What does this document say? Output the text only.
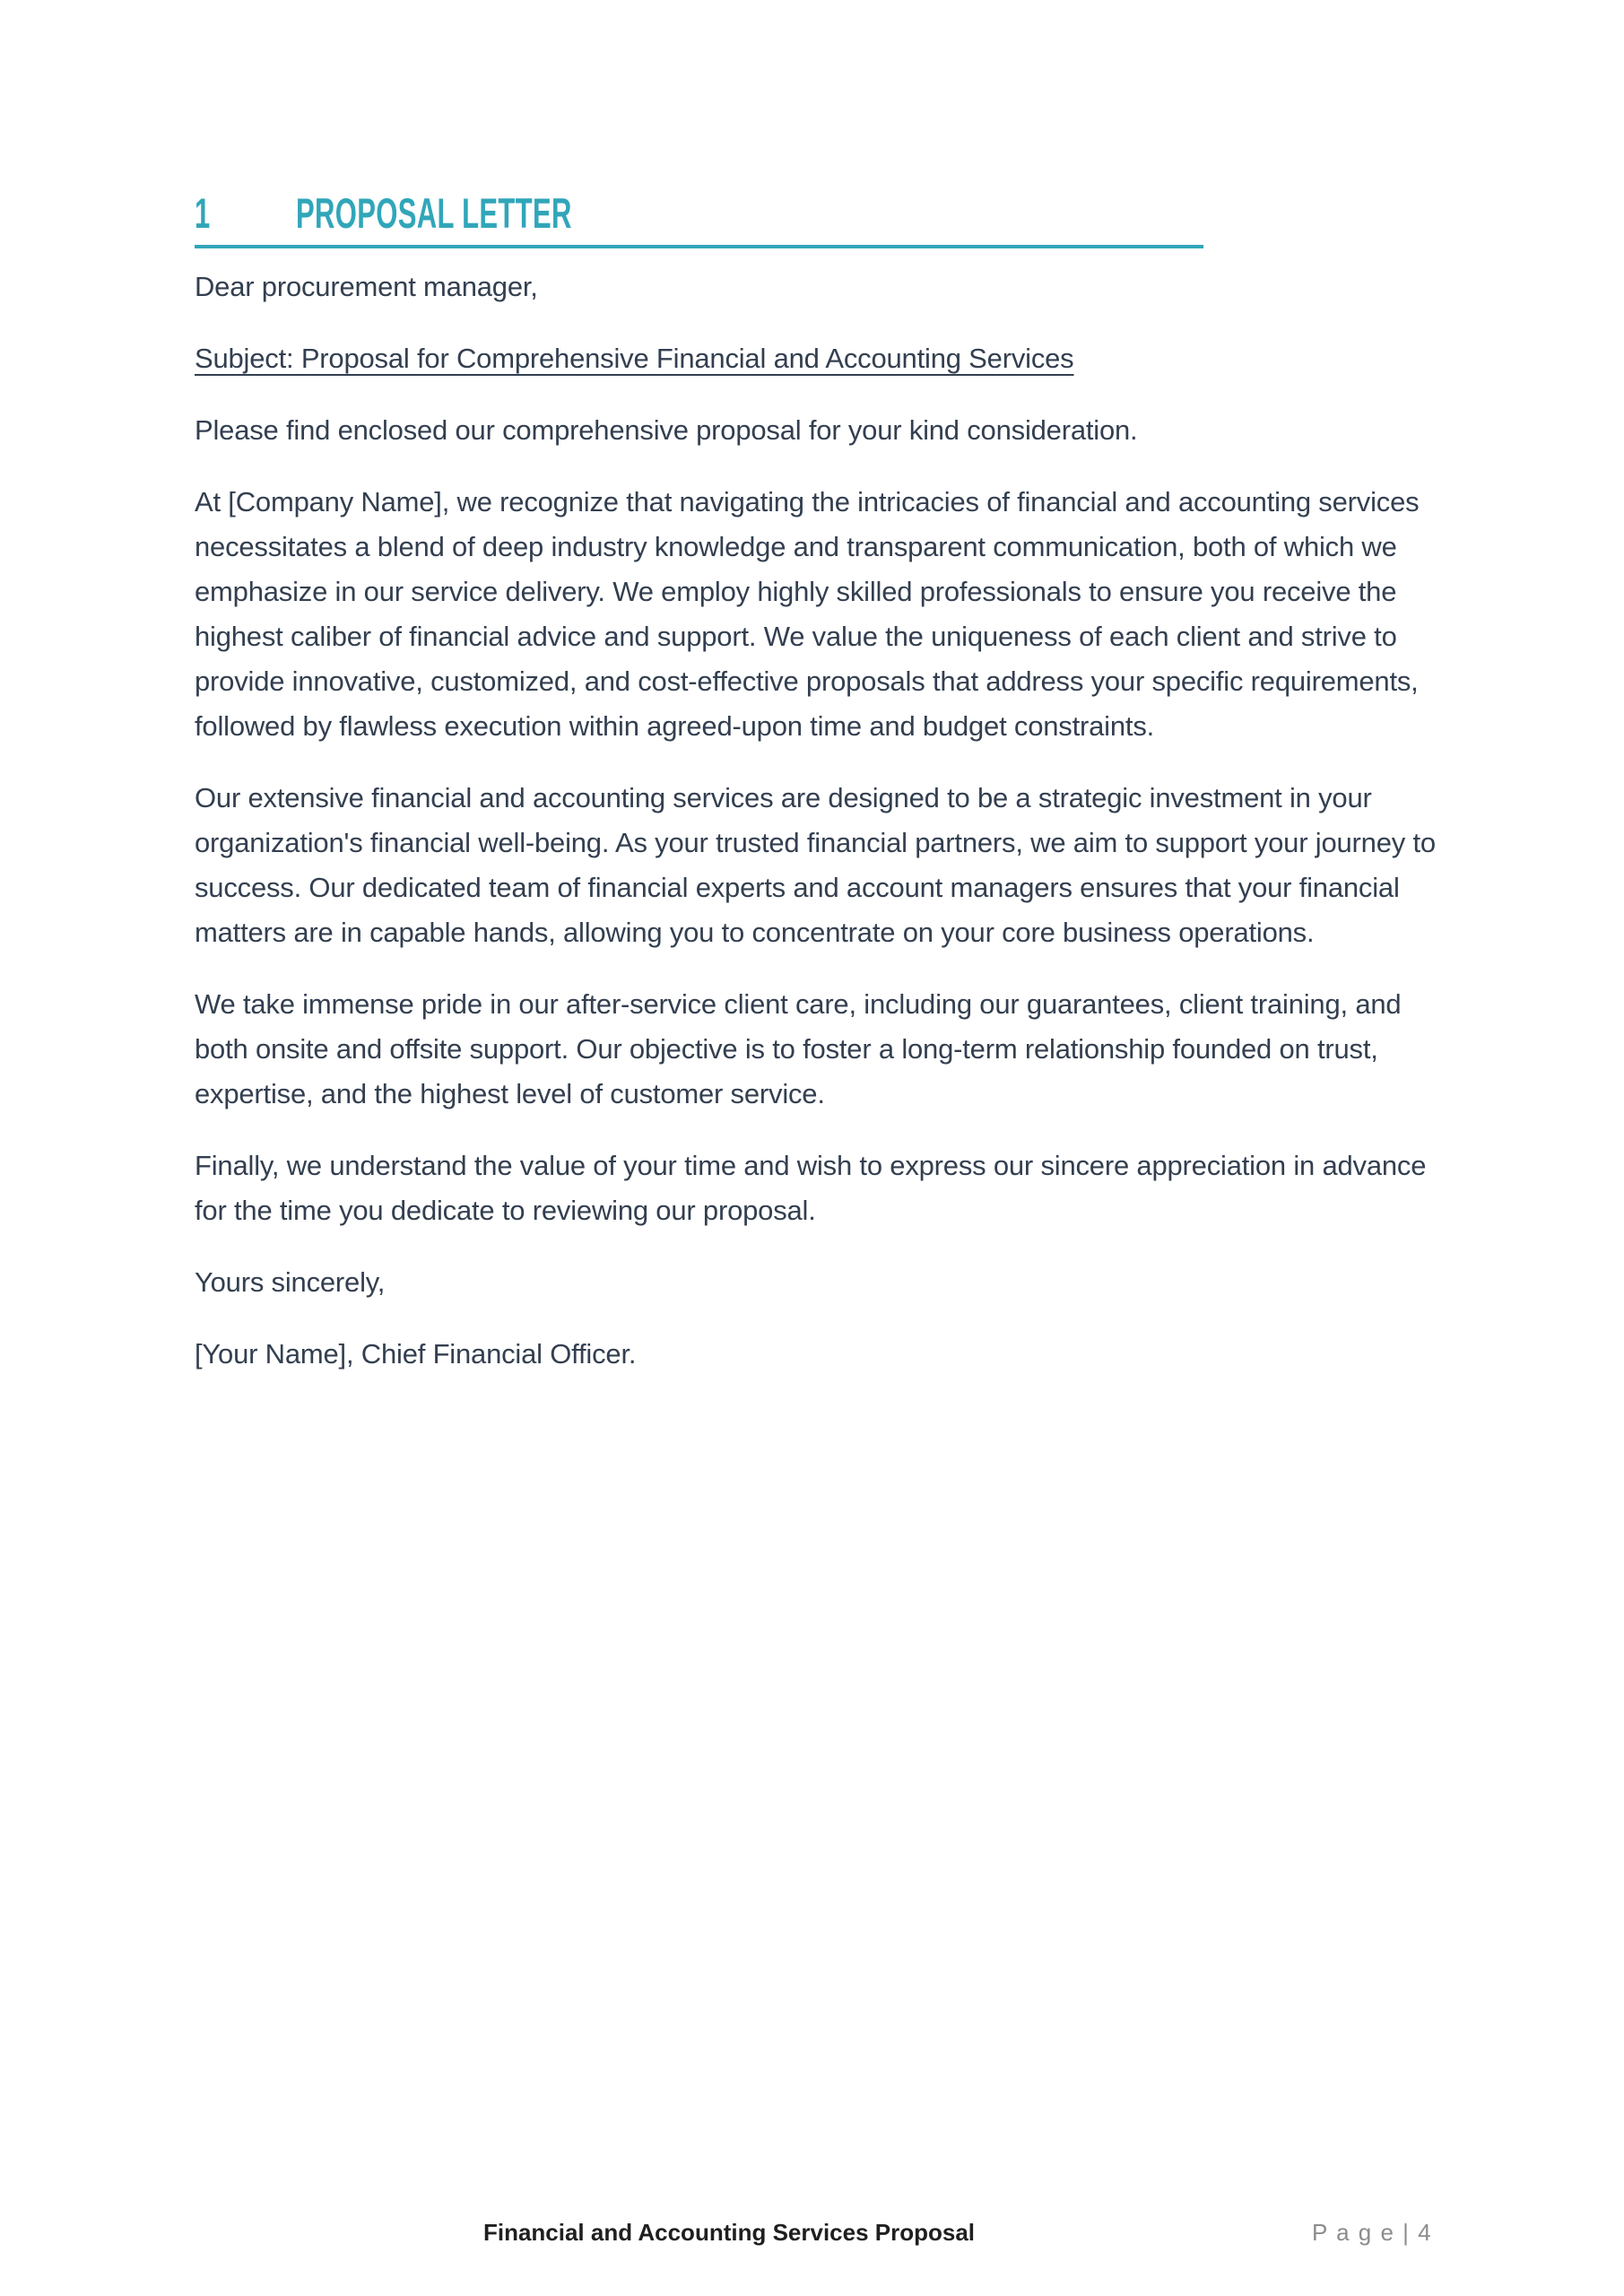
1 PROPOSAL LETTER

Dear procurement manager,

Subject: Proposal for Comprehensive Financial and Accounting Services

Please find enclosed our comprehensive proposal for your kind consideration.

At [Company Name], we recognize that navigating the intricacies of financial and accounting services necessitates a blend of deep industry knowledge and transparent communication, both of which we emphasize in our service delivery. We employ highly skilled professionals to ensure you receive the highest caliber of financial advice and support. We value the uniqueness of each client and strive to provide innovative, customized, and cost-effective proposals that address your specific requirements, followed by flawless execution within agreed-upon time and budget constraints.

Our extensive financial and accounting services are designed to be a strategic investment in your organization's financial well-being. As your trusted financial partners, we aim to support your journey to success. Our dedicated team of financial experts and account managers ensures that your financial matters are in capable hands, allowing you to concentrate on your core business operations.

We take immense pride in our after-service client care, including our guarantees, client training, and both onsite and offsite support. Our objective is to foster a long-term relationship founded on trust, expertise, and the highest level of customer service.

Finally, we understand the value of your time and wish to express our sincere appreciation in advance for the time you dedicate to reviewing our proposal.

Yours sincerely,

[Your Name], Chief Financial Officer.

Financial and Accounting Services Proposal	P a g e | 4
